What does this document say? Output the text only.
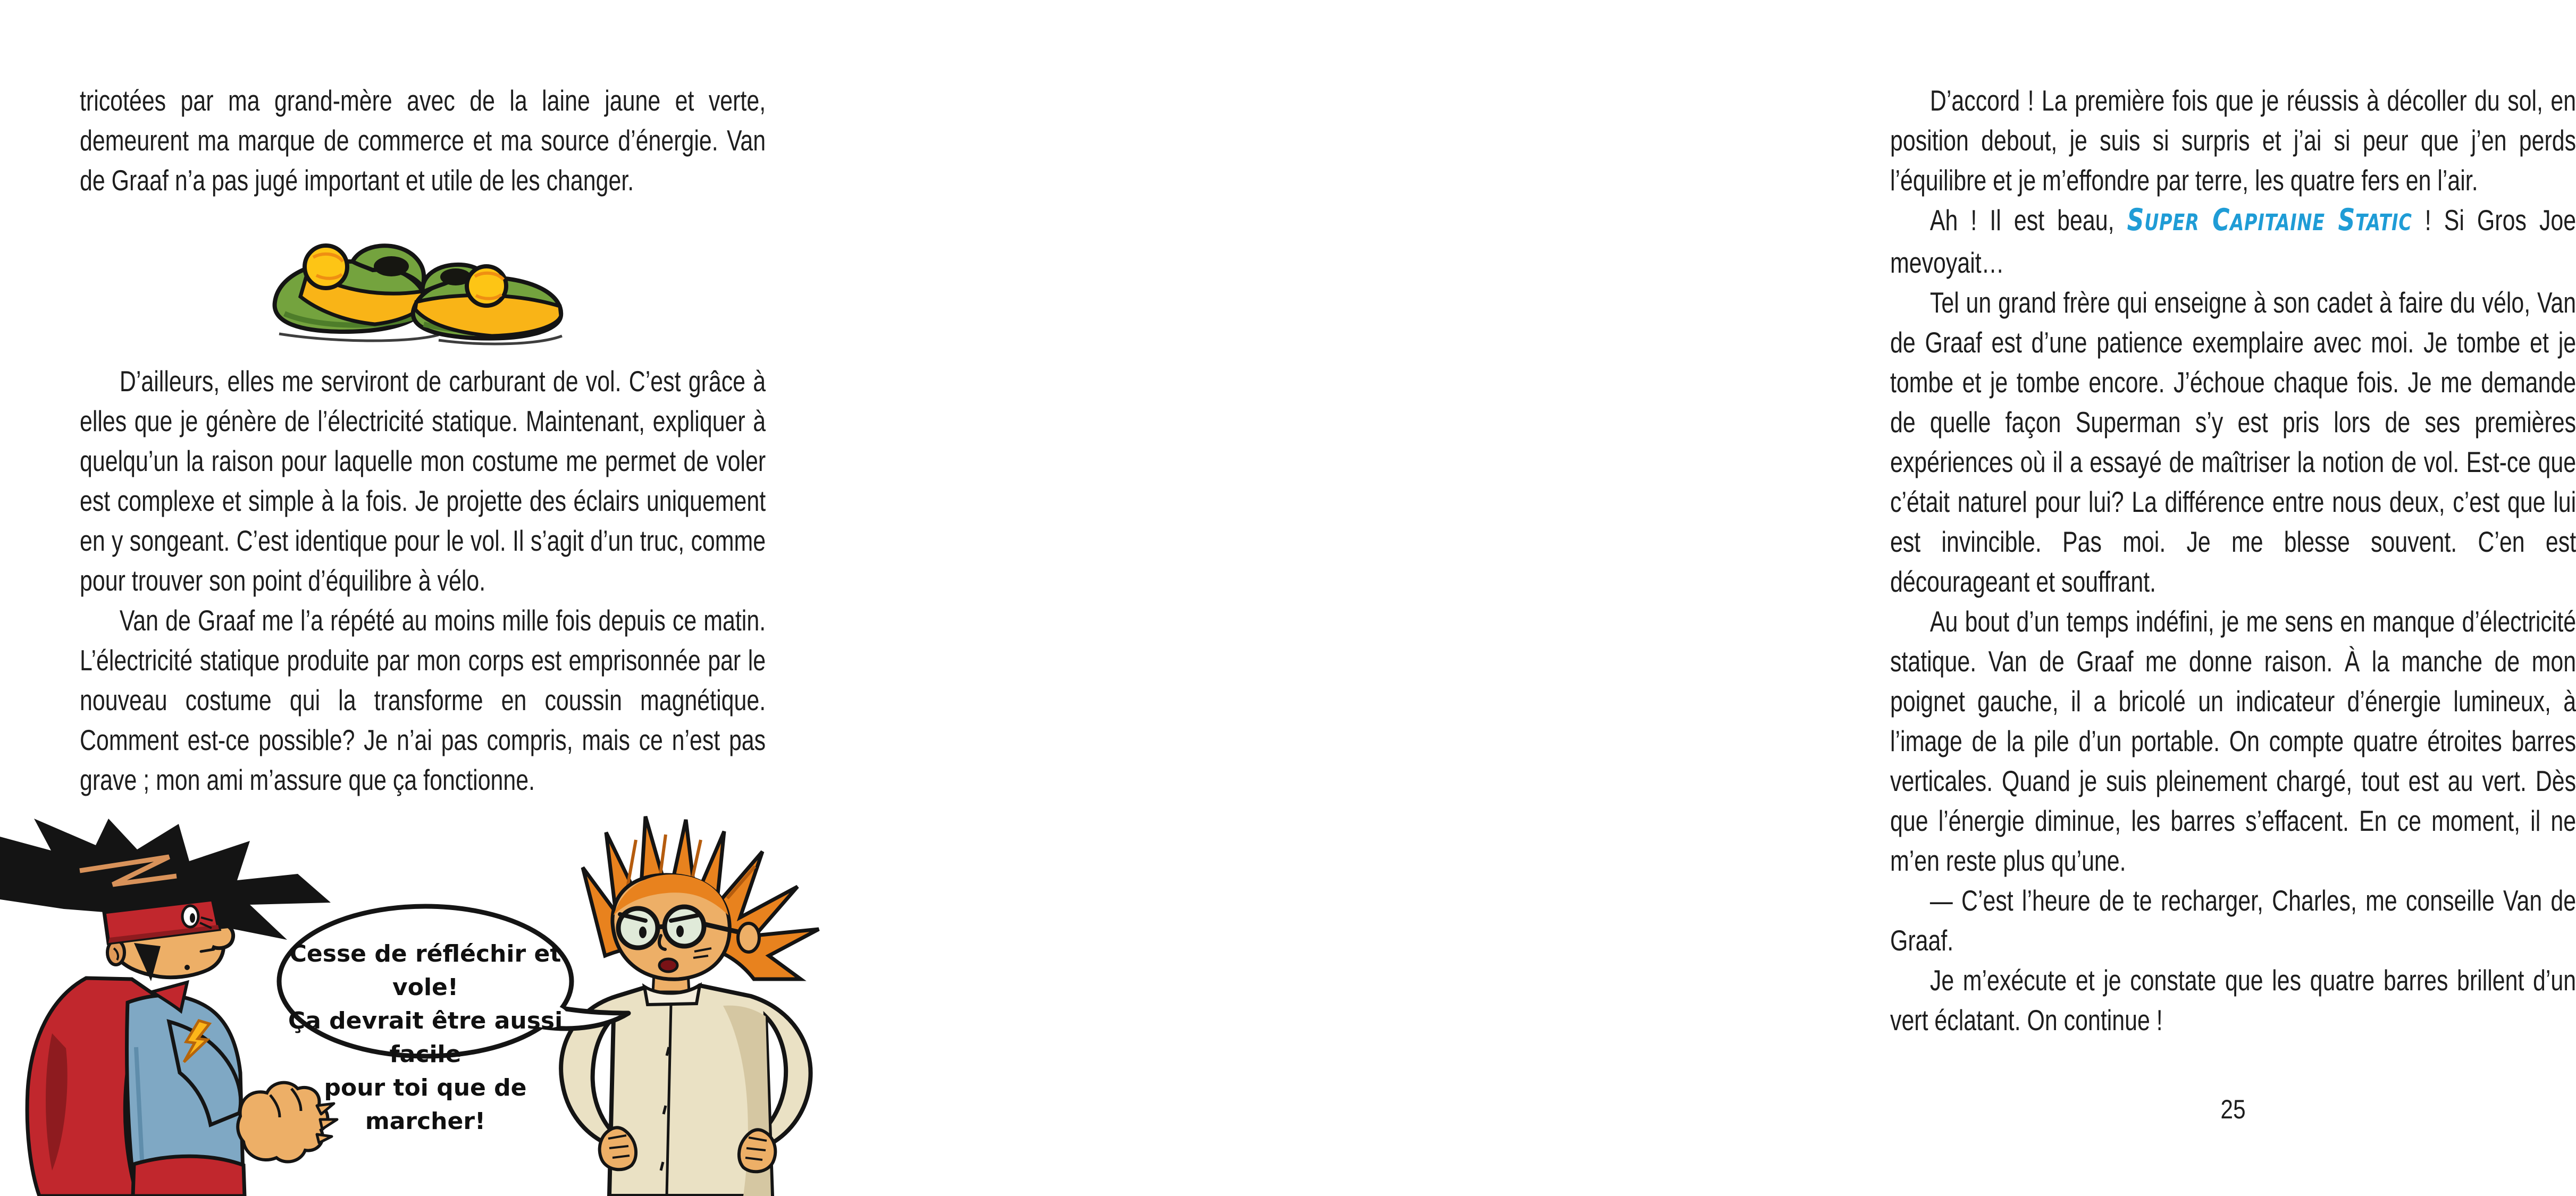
tricotées par ma grand-mère avec de la laine jaune et verte, demeurent ma marque de commerce et ma source d’énergie. Van de Graaf n’a pas jugé important et utile de les changer.

D’ailleurs, elles me serviront de carburant de vol. C’est grâce à elles que je génère de l’électricité statique. Maintenant, expliquer à quelqu’un la raison pour laquelle mon costume me permet de voler est complexe et simple à la fois. Je projette des éclairs uniquement en y songeant. C’est identique pour le vol. Il s’agit d’un truc, comme pour trouver son point d’équilibre à vélo.

Van de Graaf me l’a répété au moins mille fois depuis ce matin. L’électricité statique produite par mon corps est emprisonnée par le nouveau costume qui la transforme en coussin magnétique. Comment est-ce possible? Je n’ai pas compris, mais ce n’est pas grave ; mon ami m’assure que ça fonctionne.

Cesse de réfléchir et vole!
Ça devrait être aussi facile
pour toi que de marcher!

D’accord ! La première fois que je réussis à décoller du sol, en position debout, je suis si surpris et j’ai si peur que j’en perds l’équilibre et je m’effondre par terre, les quatre fers en l’air.

Ah ! Il est beau, SUPER CAPITAINE STATIC ! Si Gros Joe mevoyait…

Tel un grand frère qui enseigne à son cadet à faire du vélo, Van de Graaf est d’une patience exemplaire avec moi. Je tombe et je tombe et je tombe encore. J’échoue chaque fois. Je me demande de quelle façon Superman s’y est pris lors de ses premières expériences où il a essayé de maîtriser la notion de vol. Est-ce que c’était naturel pour lui? La différence entre nous deux, c’est que lui est invincible. Pas moi. Je me blesse souvent. C’en est décourageant et souffrant.

Au bout d’un temps indéfini, je me sens en manque d’électricité statique. Van de Graaf me donne raison. À la manche de mon poignet gauche, il a bricolé un indicateur d’énergie lumineux, à l’image de la pile d’un portable. On compte quatre étroites barres verticales. Quand je suis pleinement chargé, tout est au vert. Dès que l’énergie diminue, les barres s’effacent. En ce moment, il ne m’en reste plus qu’une.

— C’est l’heure de te recharger, Charles, me conseille Van de Graaf.

Je m’exécute et je constate que les quatre barres brillent d’un vert éclatant. On continue !

25
